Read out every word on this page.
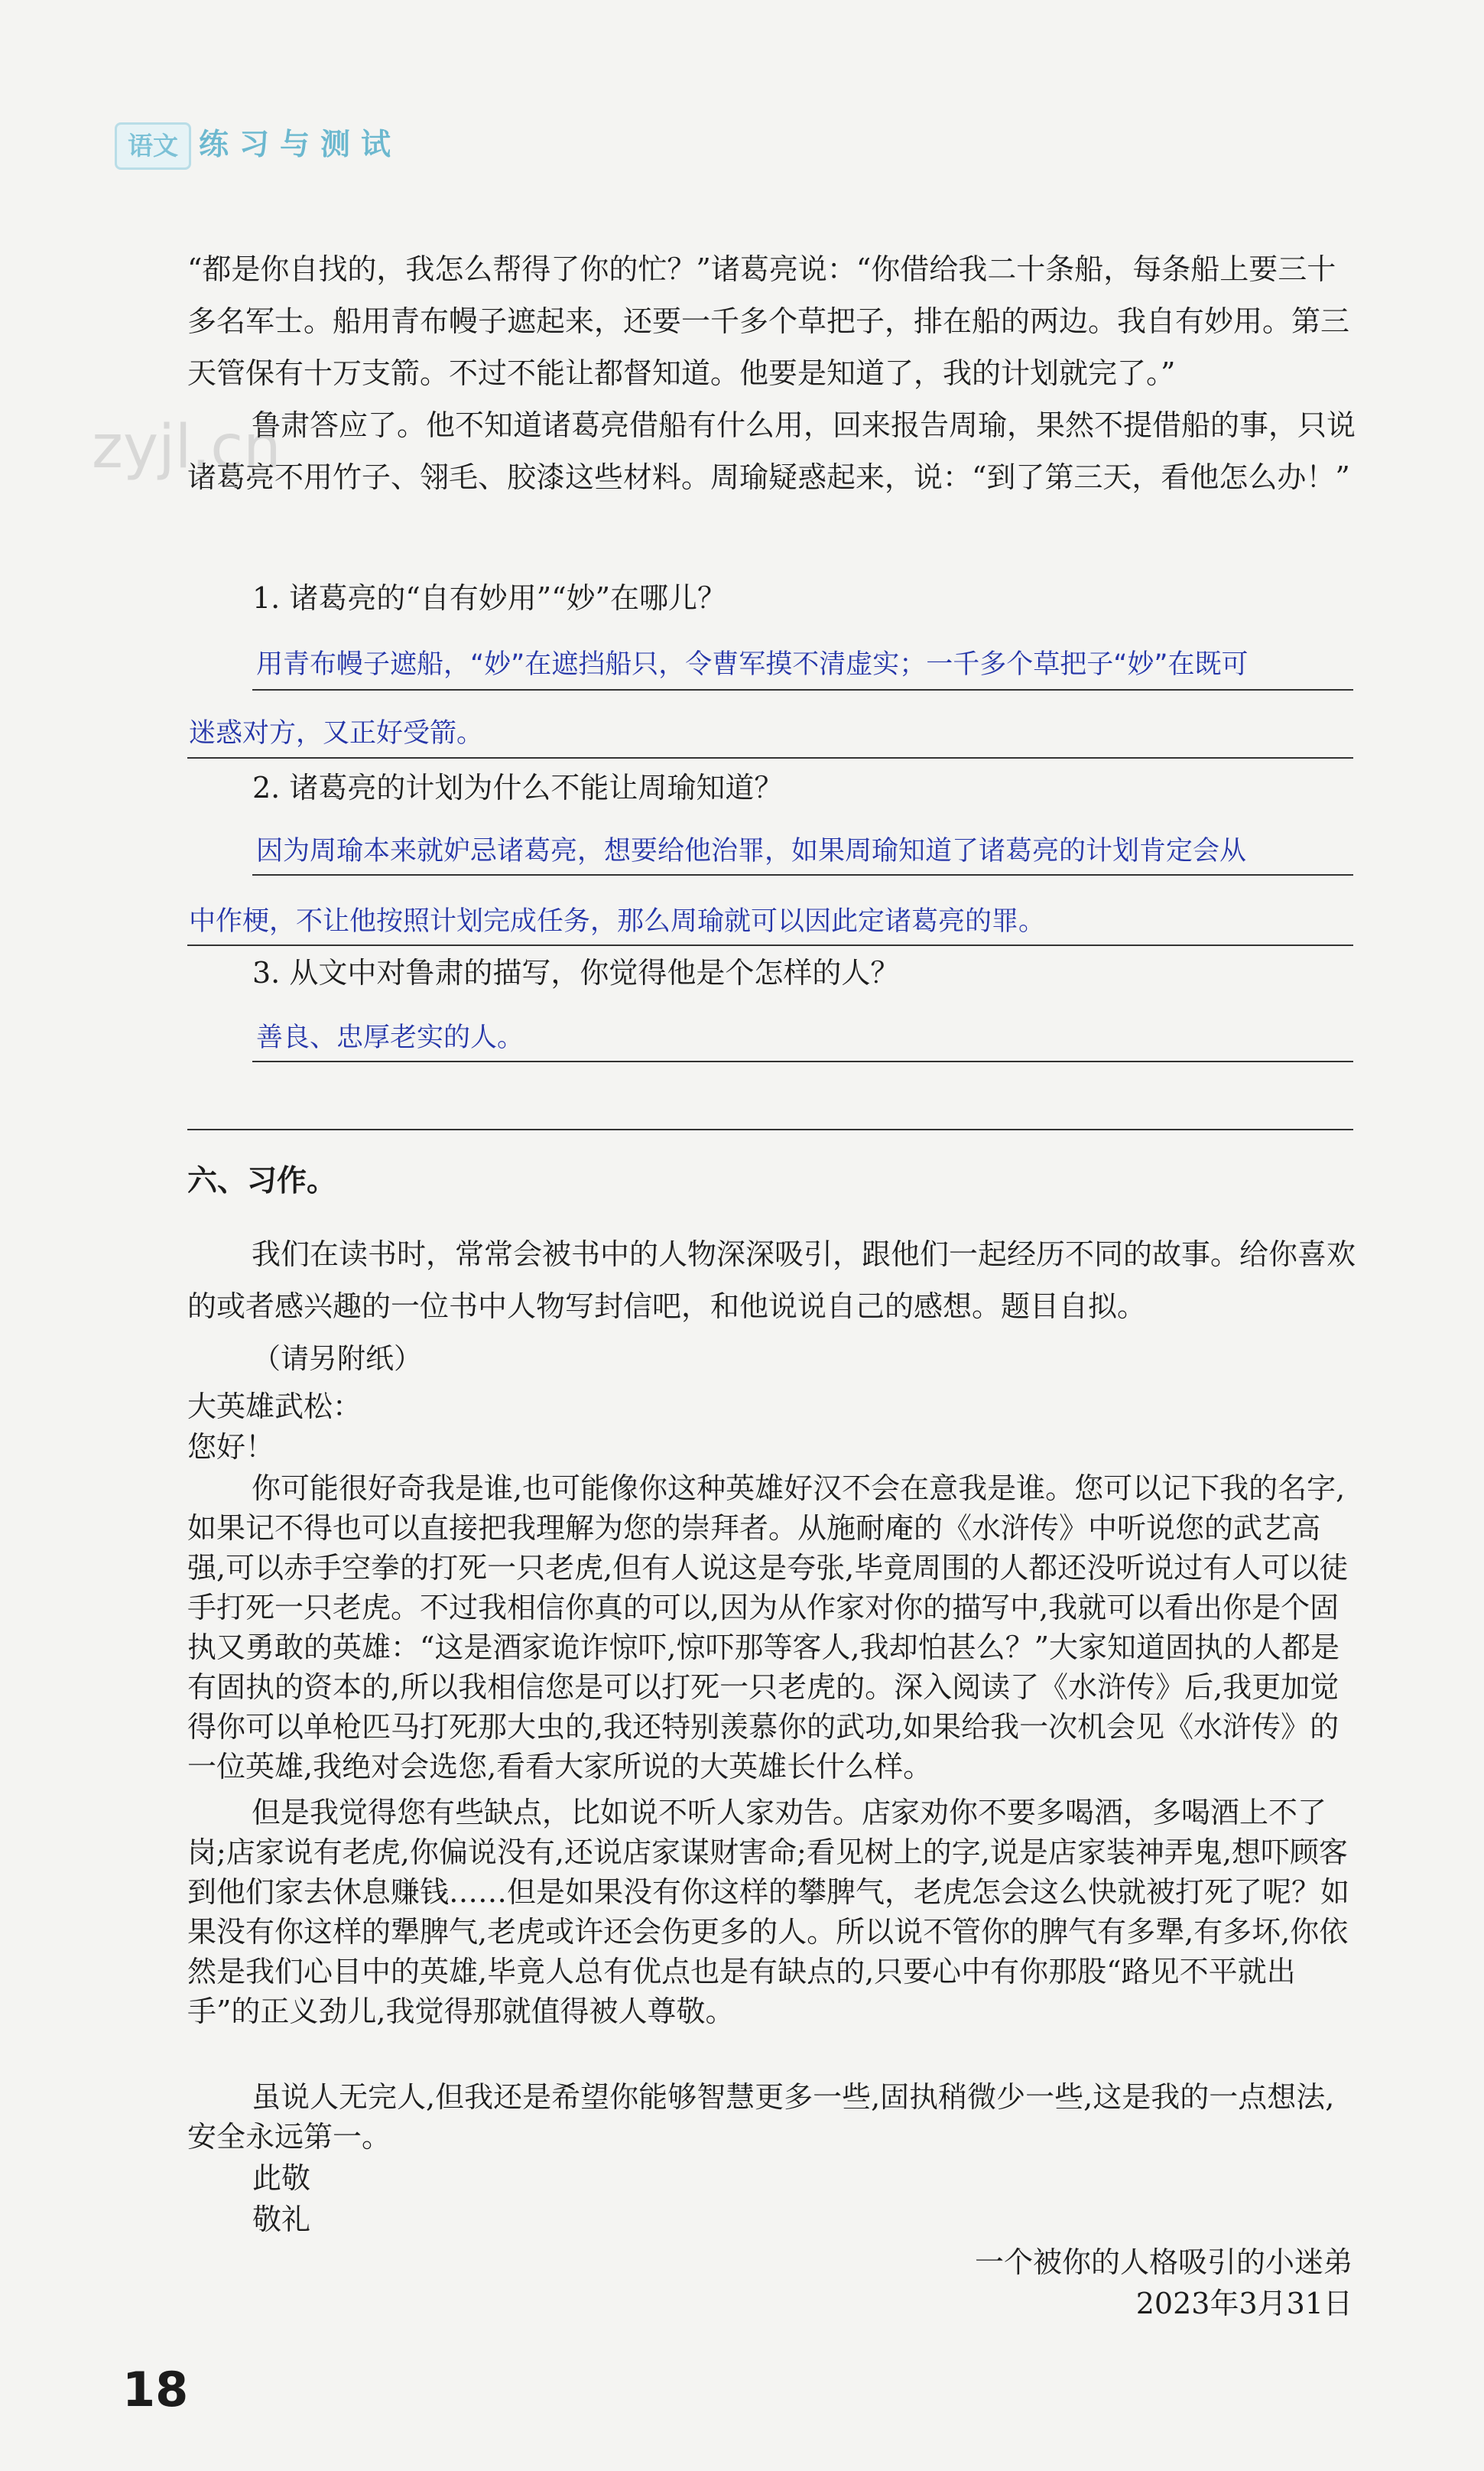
语文 练习与测试
zyjl.cn
“都是你自找的，我怎么帮得了你的忙？”诸葛亮说：“你借给我二十条船，每条船上要三十多名军士。船用青布幔子遮起来，还要一千多个草把子，排在船的两边。我自有妙用。第三天管保有十万支箭。不过不能让都督知道。他要是知道了，我的计划就完了。”
鲁肃答应了。他不知道诸葛亮借船有什么用，回来报告周瑜，果然不提借船的事，只说诸葛亮不用竹子、翎毛、胶漆这些材料。周瑜疑惑起来，说：“到了第三天，看他怎么办！”
1. 诸葛亮的“自有妙用”“妙”在哪儿？
用青布幔子遮船，“妙”在遮挡船只，令曹军摸不清虚实；一千多个草把子“妙”在既可
迷惑对方，又正好受箭。
2. 诸葛亮的计划为什么不能让周瑜知道？
因为周瑜本来就妒忌诸葛亮，想要给他治罪，如果周瑜知道了诸葛亮的计划肯定会从
中作梗，不让他按照计划完成任务，那么周瑜就可以因此定诸葛亮的罪。
3. 从文中对鲁肃的描写，你觉得他是个怎样的人？
善良、忠厚老实的人。
六、习作。
我们在读书时，常常会被书中的人物深深吸引，跟他们一起经历不同的故事。给你喜欢的或者感兴趣的一位书中人物写封信吧，和他说说自己的感想。题目自拟。
（请另附纸）
大英雄武松：
您好！
你可能很好奇我是谁,也可能像你这种英雄好汉不会在意我是谁。您可以记下我的名字,如果记不得也可以直接把我理解为您的崇拜者。从施耐庵的《水浒传》中听说您的武艺高强,可以赤手空拳的打死一只老虎,但有人说这是夸张,毕竟周围的人都还没听说过有人可以徒手打死一只老虎。不过我相信你真的可以,因为从作家对你的描写中,我就可以看出你是个固执又勇敢的英雄：“这是酒家诡诈惊吓,惊吓那等客人,我却怕甚么？”大家知道固执的人都是有固执的资本的,所以我相信您是可以打死一只老虎的。深入阅读了《水浒传》后,我更加觉得你可以单枪匹马打死那大虫的,我还特别羡慕你的武功,如果给我一次机会见《水浒传》的一位英雄,我绝对会选您,看看大家所说的大英雄长什么样。
但是我觉得您有些缺点，比如说不听人家劝告。店家劝你不要多喝酒，多喝酒上不了岗;店家说有老虎,你偏说没有,还说店家谋财害命;看见树上的字,说是店家装神弄鬼,想吓顾客到他们家去休息赚钱……但是如果没有你这样的攀脾气，老虎怎会这么快就被打死了呢？如果没有你这样的犟脾气,老虎或许还会伤更多的人。所以说不管你的脾气有多犟,有多坏,你依然是我们心目中的英雄,毕竟人总有优点也是有缺点的,只要心中有你那股“路见不平就出手”的正义劲儿,我觉得那就值得被人尊敬。
虽说人无完人,但我还是希望你能够智慧更多一些,固执稍微少一些,这是我的一点想法,安全永远第一。
此敬
敬礼
一个被你的人格吸引的小迷弟
2023年3月31日
18
